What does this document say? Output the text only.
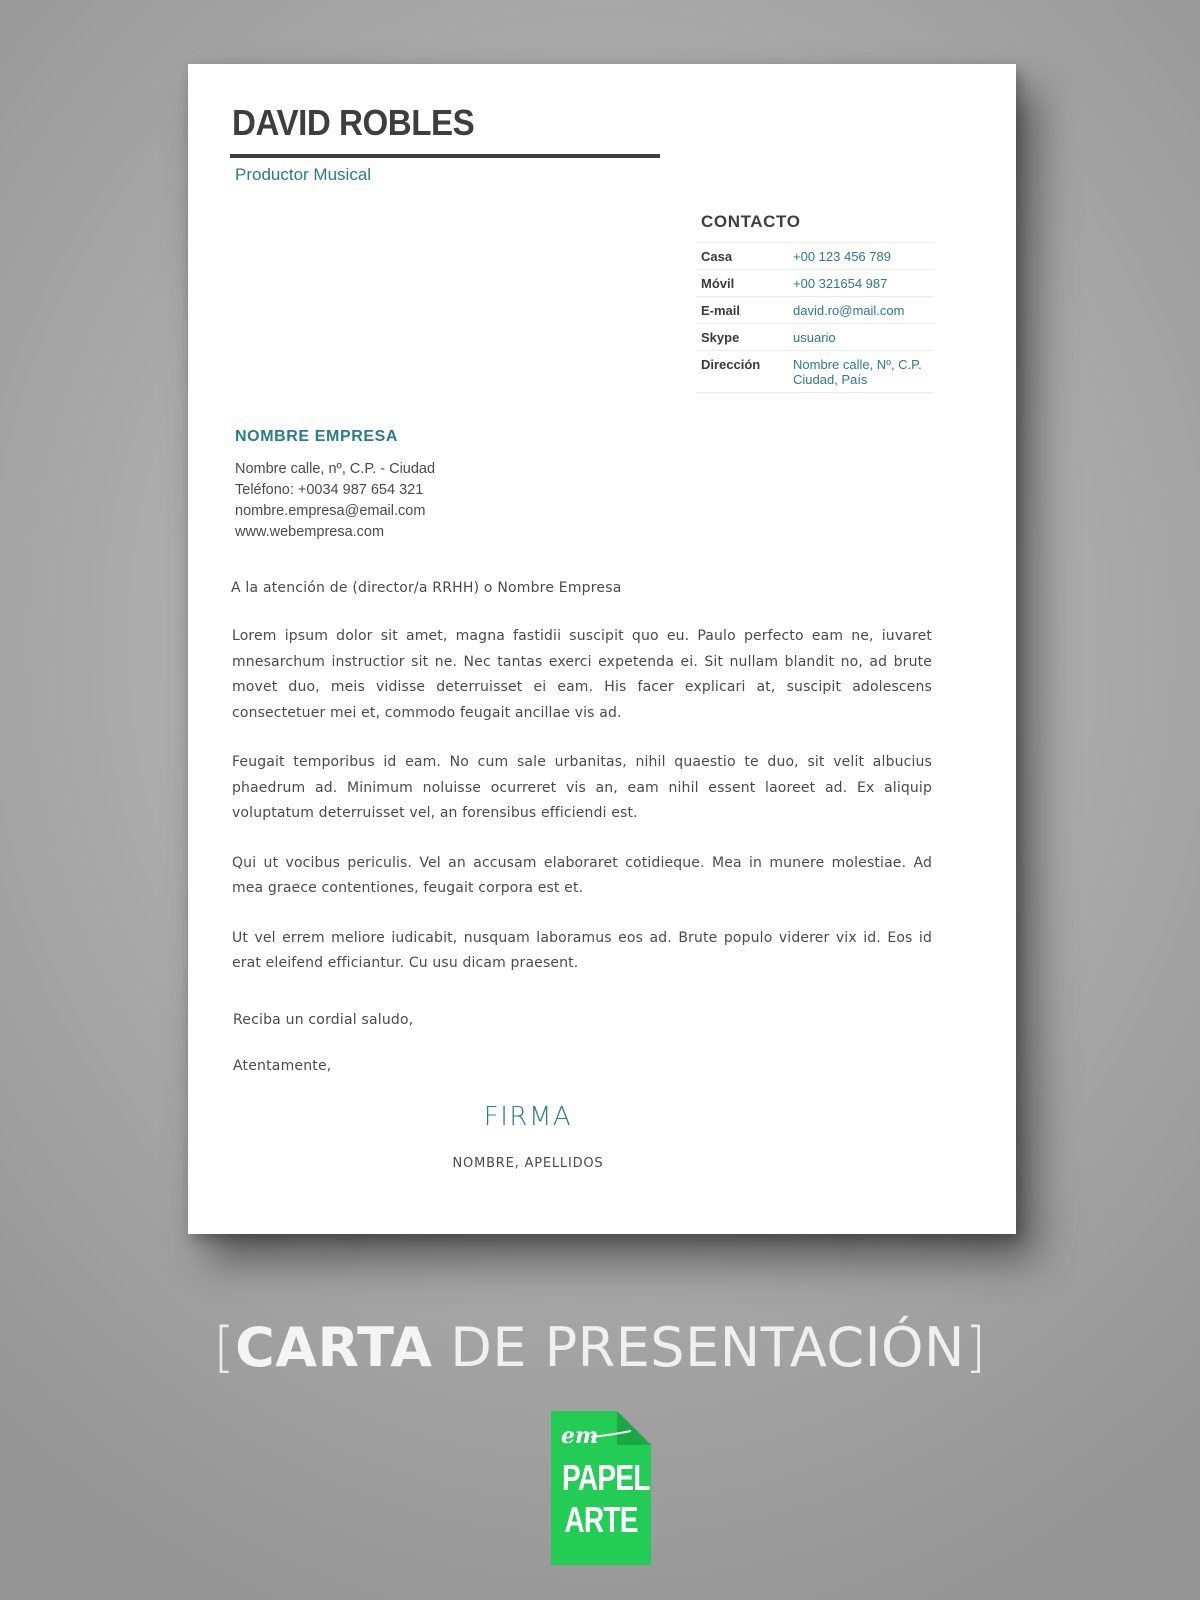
DAVID ROBLES
Productor Musical
CONTACTO
Casa	+00 123 456 789
Móvil	+00 321654 987
E-mail	david.ro@mail.com
Skype	usuario
Dirección	Nombre calle, Nº, C.P.
Ciudad, País
NOMBRE EMPRESA
Nombre calle, nº, C.P. - Ciudad
Teléfono: +0034 987 654 321
nombre.empresa@email.com
www.webempresa.com
A la atención de (director/a RRHH) o Nombre Empresa

Lorem ipsum dolor sit amet, magna fastidii suscipit quo eu. Paulo perfecto eam ne, iuvaret mnesarchum instructior sit ne. Nec tantas exerci expetenda ei. Sit nullam blandit no, ad brute movet duo, meis vidisse deterruisset ei eam. His facer explicari at, suscipit adolescens consectetuer mei et, commodo feugait ancillae vis ad.

Feugait temporibus id eam. No cum sale urbanitas, nihil quaestio te duo, sit velit albucius phaedrum ad. Minimum noluisse ocurreret vis an, eam nihil essent laoreet ad. Ex aliquip voluptatum deterruisset vel, an forensibus efficiendi est.

Qui ut vocibus periculis. Vel an accusam elaboraret cotidieque. Mea in munere molestiae. Ad mea graece contentiones, feugait corpora est et.

Ut vel errem meliore iudicabit, nusquam laboramus eos ad. Brute populo viderer vix id. Eos id erat eleifend efficiantur. Cu usu dicam praesent.

Reciba un cordial saludo,
Atentamente,
FIRMA
NOMBRE, APELLIDOS
[CARTA DE PRESENTACIÓN]
em
PAPEL
ARTE
